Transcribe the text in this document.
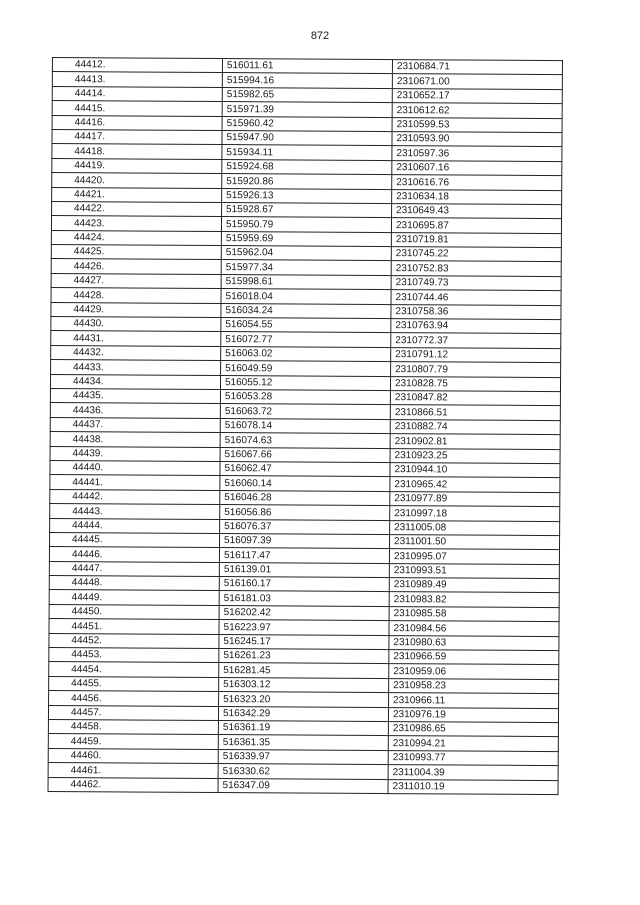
872
44412.	516011.61	2310684.71
44413.	515994.16	2310671.00
44414.	515982.65	2310652.17
44415.	515971.39	2310612.62
44416.	515960.42	2310599.53
44417.	515947.90	2310593.90
44418.	515934.11	2310597.36
44419.	515924.68	2310607.16
44420.	515920.86	2310616.76
44421.	515926.13	2310634.18
44422.	515928.67	2310649.43
44423.	515950.79	2310695.87
44424.	515959.69	2310719.81
44425.	515962.04	2310745.22
44426.	515977.34	2310752.83
44427.	515998.61	2310749.73
44428.	516018.04	2310744.46
44429.	516034.24	2310758.36
44430.	516054.55	2310763.94
44431.	516072.77	2310772.37
44432.	516063.02	2310791.12
44433.	516049.59	2310807.79
44434.	516055.12	2310828.75
44435.	516053.28	2310847.82
44436.	516063.72	2310866.51
44437.	516078.14	2310882.74
44438.	516074.63	2310902.81
44439.	516067.66	2310923.25
44440.	516062.47	2310944.10
44441.	516060.14	2310965.42
44442.	516046.28	2310977.89
44443.	516056.86	2310997.18
44444.	516076.37	2311005.08
44445.	516097.39	2311001.50
44446.	516117.47	2310995.07
44447.	516139.01	2310993.51
44448.	516160.17	2310989.49
44449.	516181.03	2310983.82
44450.	516202.42	2310985.58
44451.	516223.97	2310984.56
44452.	516245.17	2310980.63
44453.	516261.23	2310966.59
44454.	516281.45	2310959.06
44455.	516303.12	2310958.23
44456.	516323.20	2310966.11
44457.	516342.29	2310976.19
44458.	516361.19	2310986.65
44459.	516361.35	2310994.21
44460.	516339.97	2310993.77
44461.	516330.62	2311004.39
44462.	516347.09	2311010.19
